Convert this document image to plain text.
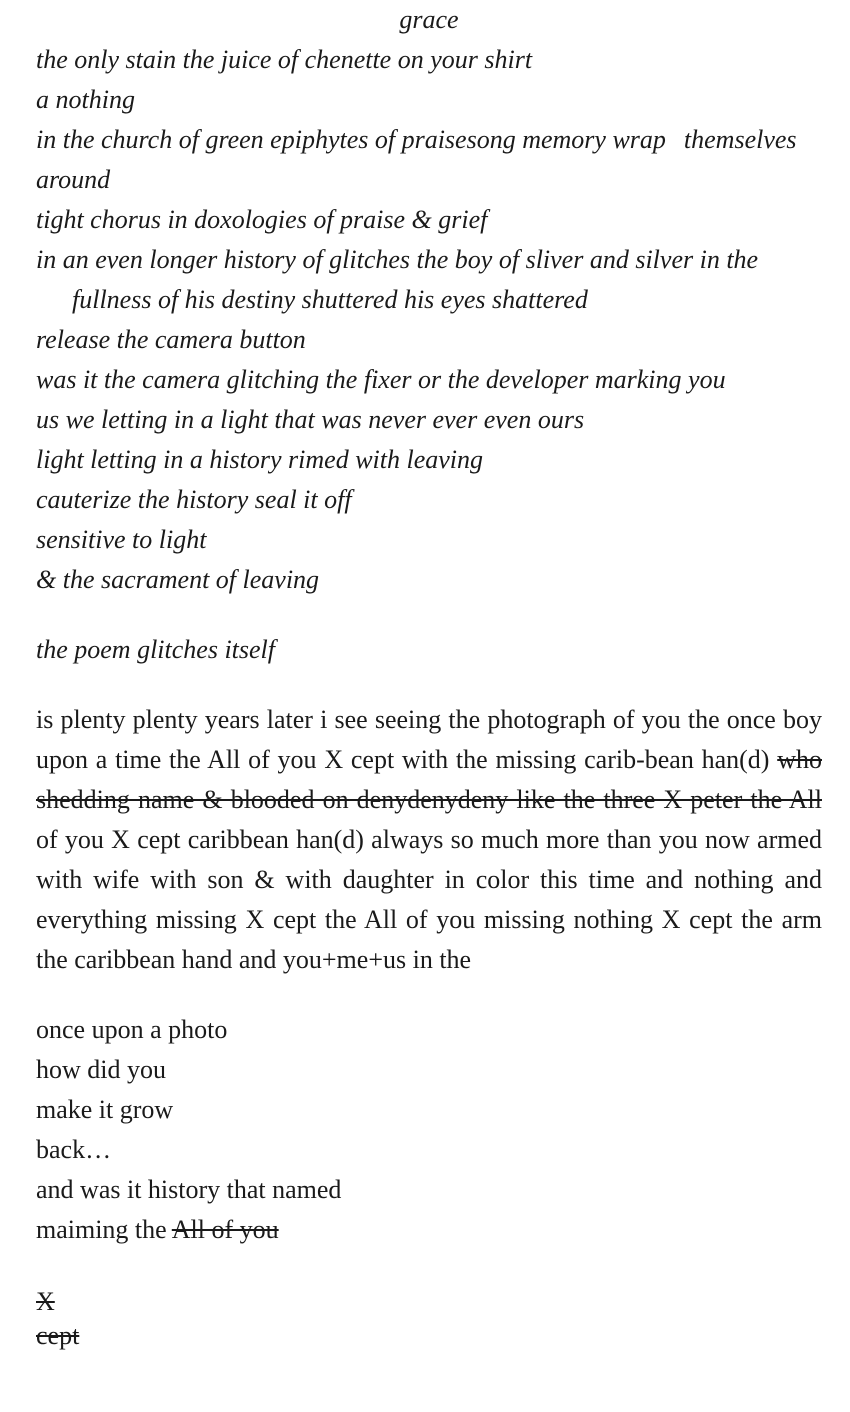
grace
the only stain the juice of chenette on your shirt
a nothing
in the church of green epiphytes of praisesong memory wrap themselves
around
tight chorus in doxologies of praise & grief
in an even longer history of glitches the boy of sliver and silver in the
fullness of his destiny shuttered his eyes shattered
release the camera button
was it the camera glitching the fixer or the developer marking you
us we letting in a light that was never ever even ours
light letting in a history rimed with leaving
cauterize the history seal it off
sensitive to light
& the sacrament of leaving
the poem glitches itself
is plenty plenty years later i see seeing the photograph of you the once boy upon a time the All of you X cept with the missing carib-bean han(d) who shedding name & blooded on denydenydeny like the three X peter the All of you X cept caribbean han(d) always so much more than you now armed with wife with son & with daughter in color this time and nothing and everything missing X cept the All of you missing nothing X cept the arm the caribbean hand and you+me+us in the
once upon a photo
how did you
make it grow
back…
and was it history that named
maiming the All of you
X
cept
